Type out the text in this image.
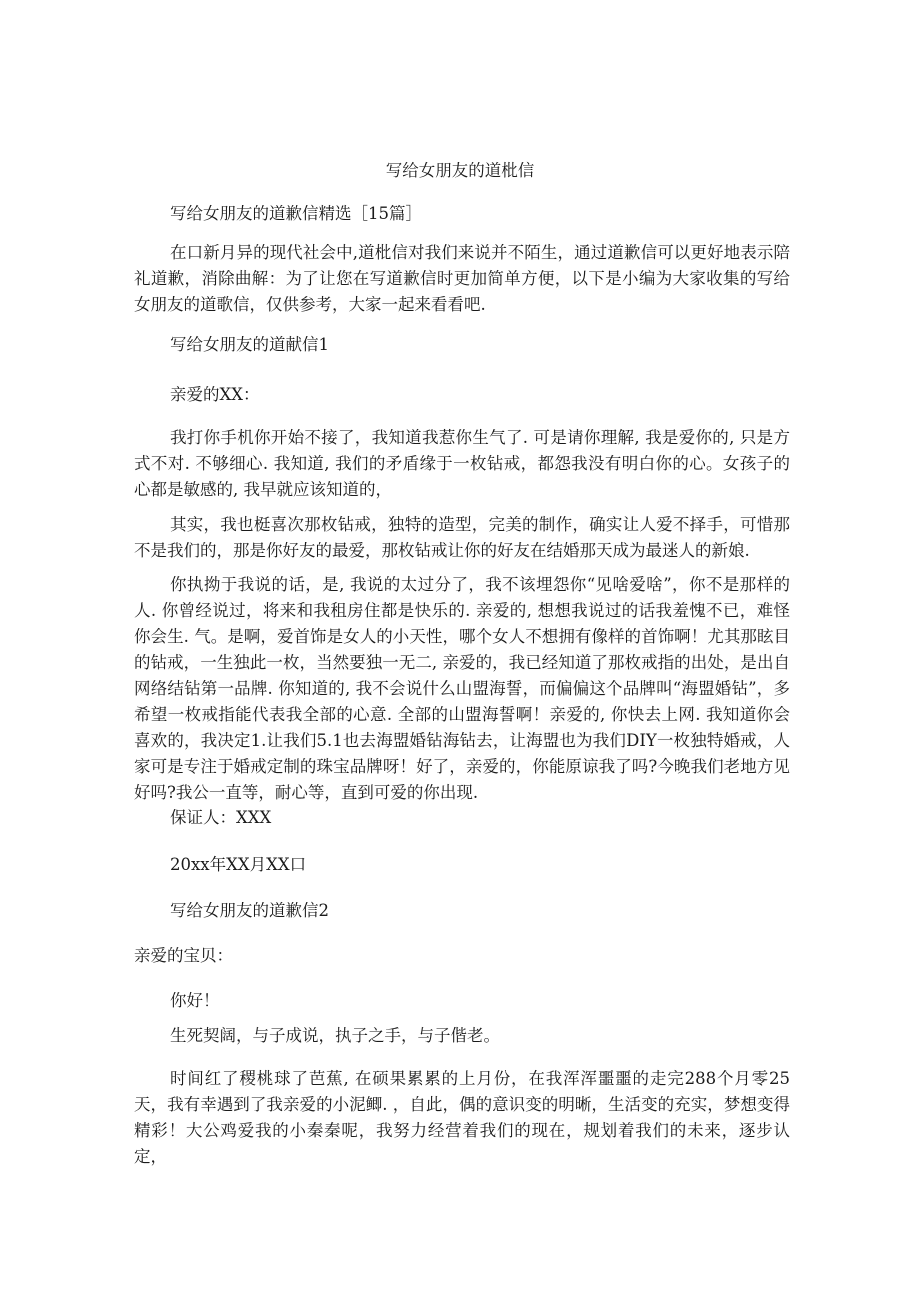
写给女朋友的道枇信
写给女朋友的道歉信精选［15篇］
在口新月异的现代社会中,道枇信对我们来说并不陌生，通过道歉信可以更好地表示陪礼道歉，消除曲解：为了让您在写道歉信时更加简单方便，以下是小编为大家收集的写给女朋友的道歌信，仅供参考，大家一起来看看吧.
写给女朋友的道献信1
亲爱的XX：
我打你手机你开始不接了，我知道我惹你生气了. 可是请你理解, 我是爱你的, 只是方式不对. 不够细心. 我知道, 我们的矛盾缘于一枚钻戒，都怨我没有明白你的心。女孩子的心都是敏感的, 我早就应该知道的，
其实，我也梃喜次那枚钻戒，独特的造型，完美的制作，确实让人爱不择手，可惜那不是我们的，那是你好友的最爱，那枚钻戒让你的好友在结婚那天成为最迷人的新娘.
你执拗于我说的话，是, 我说的太过分了，我不该埋怨你“见啥爱啥”，你不是那样的人. 你曾经说过，将来和我租房住都是快乐的. 亲爱的, 想想我说过的话我羞愧不已，难怪你会生. 气。是啊，爱首饰是女人的小天性，哪个女人不想拥有像样的首饰啊！尤其那眩目的钻戒，一生独此一枚，当然要独一无二, 亲爱的，我已经知道了那枚戒指的出处，是出自网络结钻第一品牌. 你知道的, 我不会说什么山盟海誓，而偏偏这个品牌叫“海盟婚钻”，多希望一枚戒指能代表我全部的心意. 全部的山盟海誓啊！亲爱的, 你快去上网. 我知道你会喜欢的，我决定1.让我们5.1也去海盟婚钻海钻去，让海盟也为我们DIY一枚独特婚戒，人家可是专注于婚戒定制的珠宝品牌呀！好了，亲爱的，你能原谅我了吗?今晚我们老地方见好吗?我公一直等，耐心等，直到可爱的你出现.
保证人：XXX
20xx年XX月XX口
写给女朋友的道歉信2
亲爱的宝贝：
你好！
生死契阔，与子成说，执子之手，与子偕老。
时间红了稷桃球了芭蕉, 在硕果累累的上月份，在我浑浑噩噩的走完288个月零25天，我有幸遇到了我亲爱的小泥鲫. ，自此，偶的意识变的明晰，生活变的充实，梦想变得精彩！大公鸡爱我的小秦秦呢，我努力经营着我们的现在，规划着我们的未来，逐步认定，
